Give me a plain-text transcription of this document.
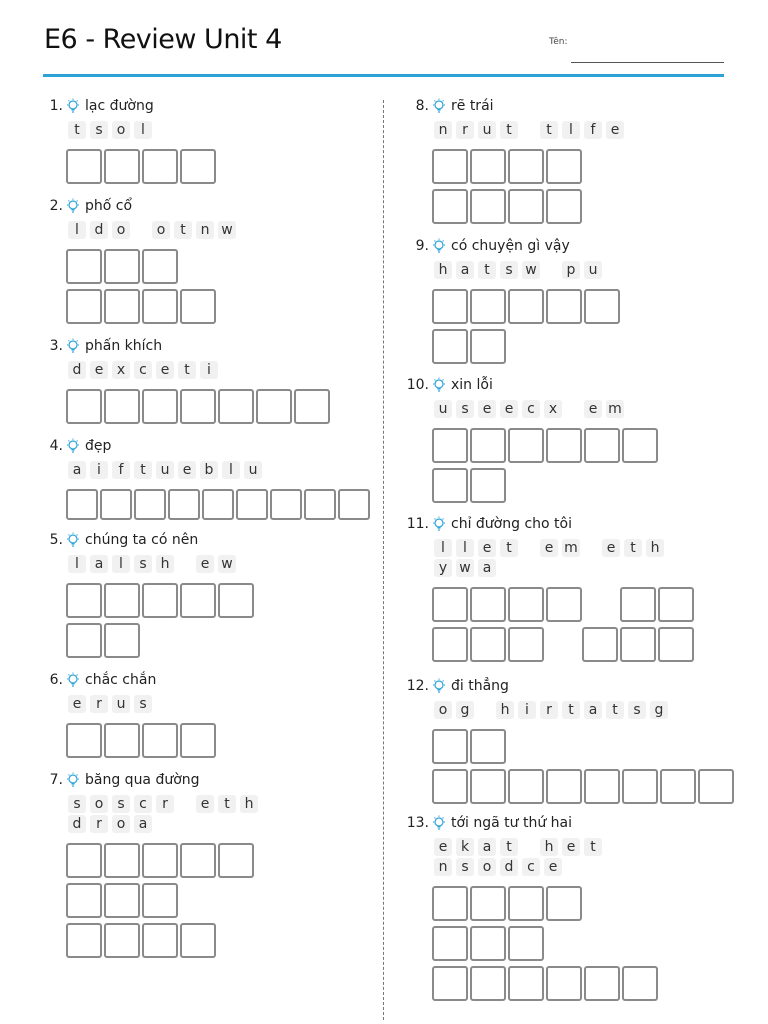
E6 - Review Unit 4	Tên:
1. lạc đường
t s o l
2. phố cổ
l d o o t n w
3. phấn khích
d e x c e t i
4. đẹp
a i f t u e b l u
5. chúng ta có nên
l a l s h e w
6. chắc chắn
e r u s
7. băng qua đường
s o s c r e t h
d r o a
8. rẽ trái
n r u t t l f e
9. có chuyện gì vậy
h a t s w p u
10. xin lỗi
u s e e c x e m
11. chỉ đường cho tôi
l l e t e m e t h
y w a
12. đi thẳng
o g h i r t a t s g
13. tới ngã tư thứ hai
e k a t h e t
n s o d c e
